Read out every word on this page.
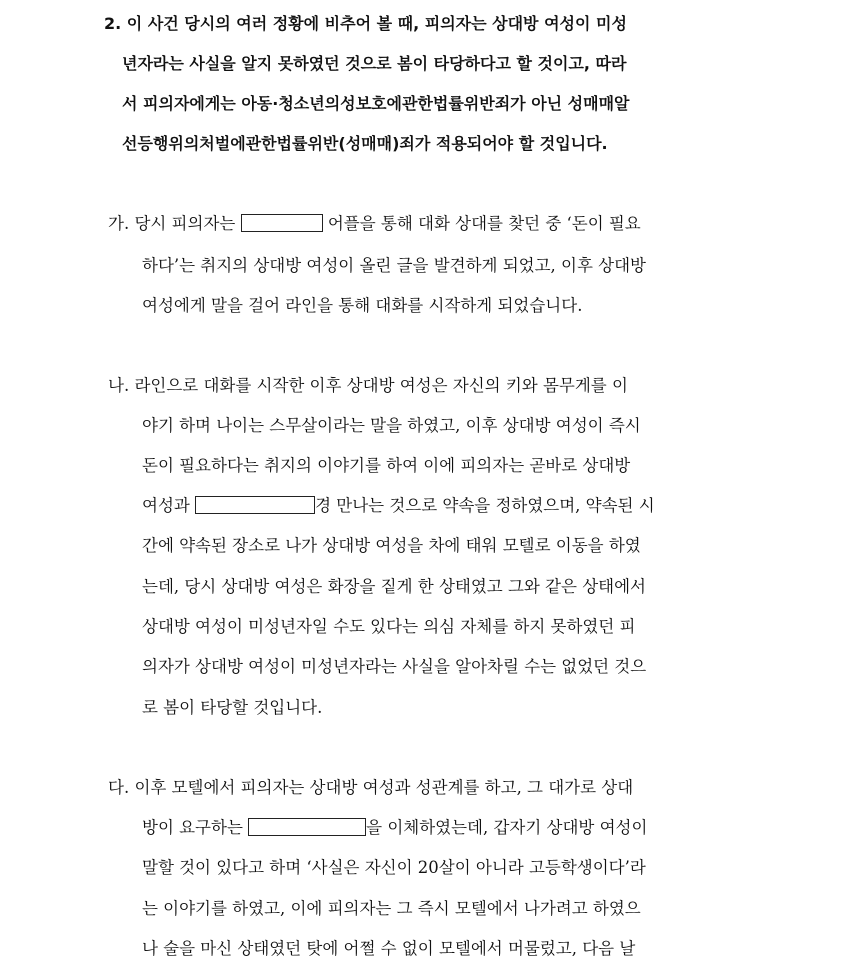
2. 이 사건 당시의 여러 정황에 비추어 볼 때, 피의자는 상대방 여성이 미성
년자라는 사실을 알지 못하였던 것으로 봄이 타당하다고 할 것이고, 따라
서 피의자에게는 아동·청소년의성보호에관한법률위반죄가 아닌 성매매알
선등행위의처벌에관한법률위반(성매매)죄가 적용되어야 할 것입니다.
가. 당시 피의자는	어플을 통해 대화 상대를 찾던 중 ‘돈이 필요
하다’는 취지의 상대방 여성이 올린 글을 발견하게 되었고, 이후 상대방
여성에게 말을 걸어 라인을 통해 대화를 시작하게 되었습니다.
나. 라인으로 대화를 시작한 이후 상대방 여성은 자신의 키와 몸무게를 이
야기 하며 나이는 스무살이라는 말을 하였고, 이후 상대방 여성이 즉시
돈이 필요하다는 취지의 이야기를 하여 이에 피의자는 곧바로 상대방
여성과	경 만나는 것으로 약속을 정하였으며, 약속된 시
간에 약속된 장소로 나가 상대방 여성을 차에 태워 모텔로 이동을 하였
는데, 당시 상대방 여성은 화장을 짙게 한 상태였고 그와 같은 상태에서
상대방 여성이 미성년자일 수도 있다는 의심 자체를 하지 못하였던 피
의자가 상대방 여성이 미성년자라는 사실을 알아차릴 수는 없었던 것으
로 봄이 타당할 것입니다.
다. 이후 모텔에서 피의자는 상대방 여성과 성관계를 하고, 그 대가로 상대
방이 요구하는	을 이체하였는데, 갑자기 상대방 여성이
말할 것이 있다고 하며 ‘사실은 자신이 20살이 아니라 고등학생이다’라
는 이야기를 하였고, 이에 피의자는 그 즉시 모텔에서 나가려고 하였으
나 술을 마신 상태였던 탓에 어쩔 수 없이 모텔에서 머물렀고, 다음 날
